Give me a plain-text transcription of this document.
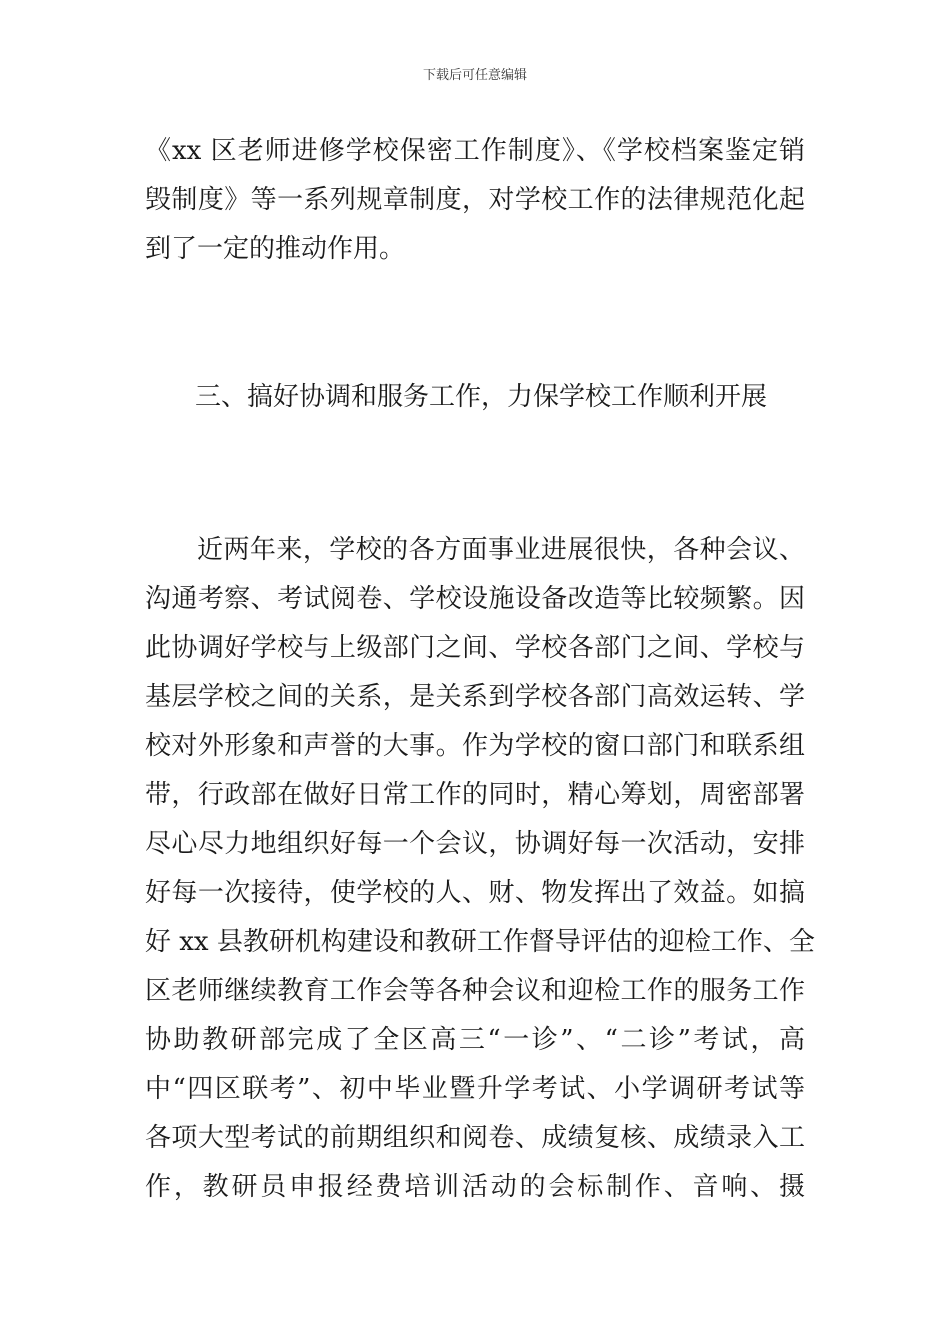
下载后可任意编辑
《xx 区老师进修学校保密工作制度》、《学校档案鉴定销
毁制度》等一系列规章制度，对学校工作的法律规范化起
到了一定的推动作用。
三、搞好协调和服务工作，力保学校工作顺利开展
近两年来，学校的各方面事业进展很快，各种会议、
沟通考察、考试阅卷、学校设施设备改造等比较频繁。因
此协调好学校与上级部门之间、学校各部门之间、学校与
基层学校之间的关系，是关系到学校各部门高效运转、学
校对外形象和声誉的大事。作为学校的窗口部门和联系组
带，行政部在做好日常工作的同时，精心筹划，周密部署
尽心尽力地组织好每一个会议，协调好每一次活动，安排
好每一次接待，使学校的人、财、物发挥出了效益。如搞
好 xx 县教研机构建设和教研工作督导评估的迎检工作、全
区老师继续教育工作会等各种会议和迎检工作的服务工作
协助教研部完成了全区高三“一诊”、“二诊”考试，高
中“四区联考”、初中毕业暨升学考试、小学调研考试等
各项大型考试的前期组织和阅卷、成绩复核、成绩录入工
作，教研员申报经费培训活动的会标制作、音响、摄
